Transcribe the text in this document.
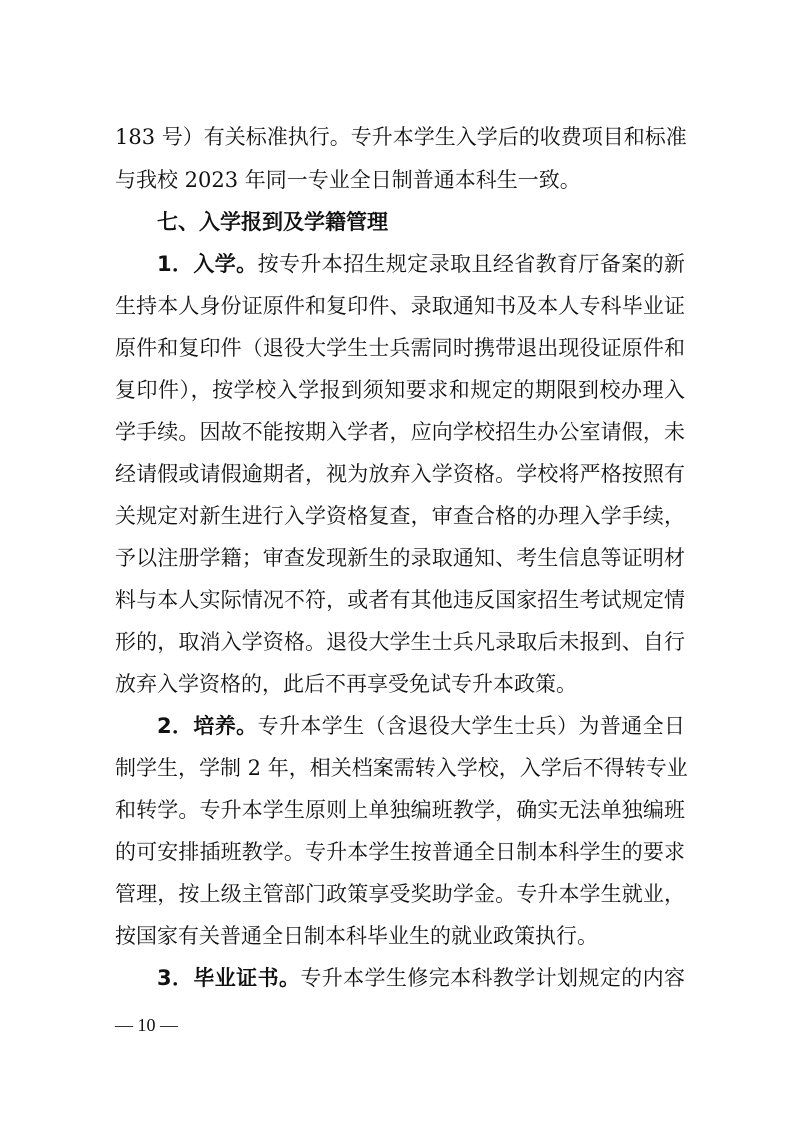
183 号）有关标准执行。专升本学生入学后的收费项目和标准
与我校 2023 年同一专业全日制普通本科生一致。
七、入学报到及学籍管理
1．入学。按专升本招生规定录取且经省教育厅备案的新
生持本人身份证原件和复印件、录取通知书及本人专科毕业证
原件和复印件（退役大学生士兵需同时携带退出现役证原件和
复印件），按学校入学报到须知要求和规定的期限到校办理入
学手续。因故不能按期入学者，应向学校招生办公室请假，未
经请假或请假逾期者，视为放弃入学资格。学校将严格按照有
关规定对新生进行入学资格复查，审查合格的办理入学手续，
予以注册学籍；审查发现新生的录取通知、考生信息等证明材
料与本人实际情况不符，或者有其他违反国家招生考试规定情
形的，取消入学资格。退役大学生士兵凡录取后未报到、自行
放弃入学资格的，此后不再享受免试专升本政策。
2．培养。专升本学生（含退役大学生士兵）为普通全日
制学生，学制 2 年，相关档案需转入学校，入学后不得转专业
和转学。专升本学生原则上单独编班教学，确实无法单独编班
的可安排插班教学。专升本学生按普通全日制本科学生的要求
管理，按上级主管部门政策享受奖助学金。专升本学生就业，
按国家有关普通全日制本科毕业生的就业政策执行。
3．毕业证书。专升本学生修完本科教学计划规定的内容
— 10 —
